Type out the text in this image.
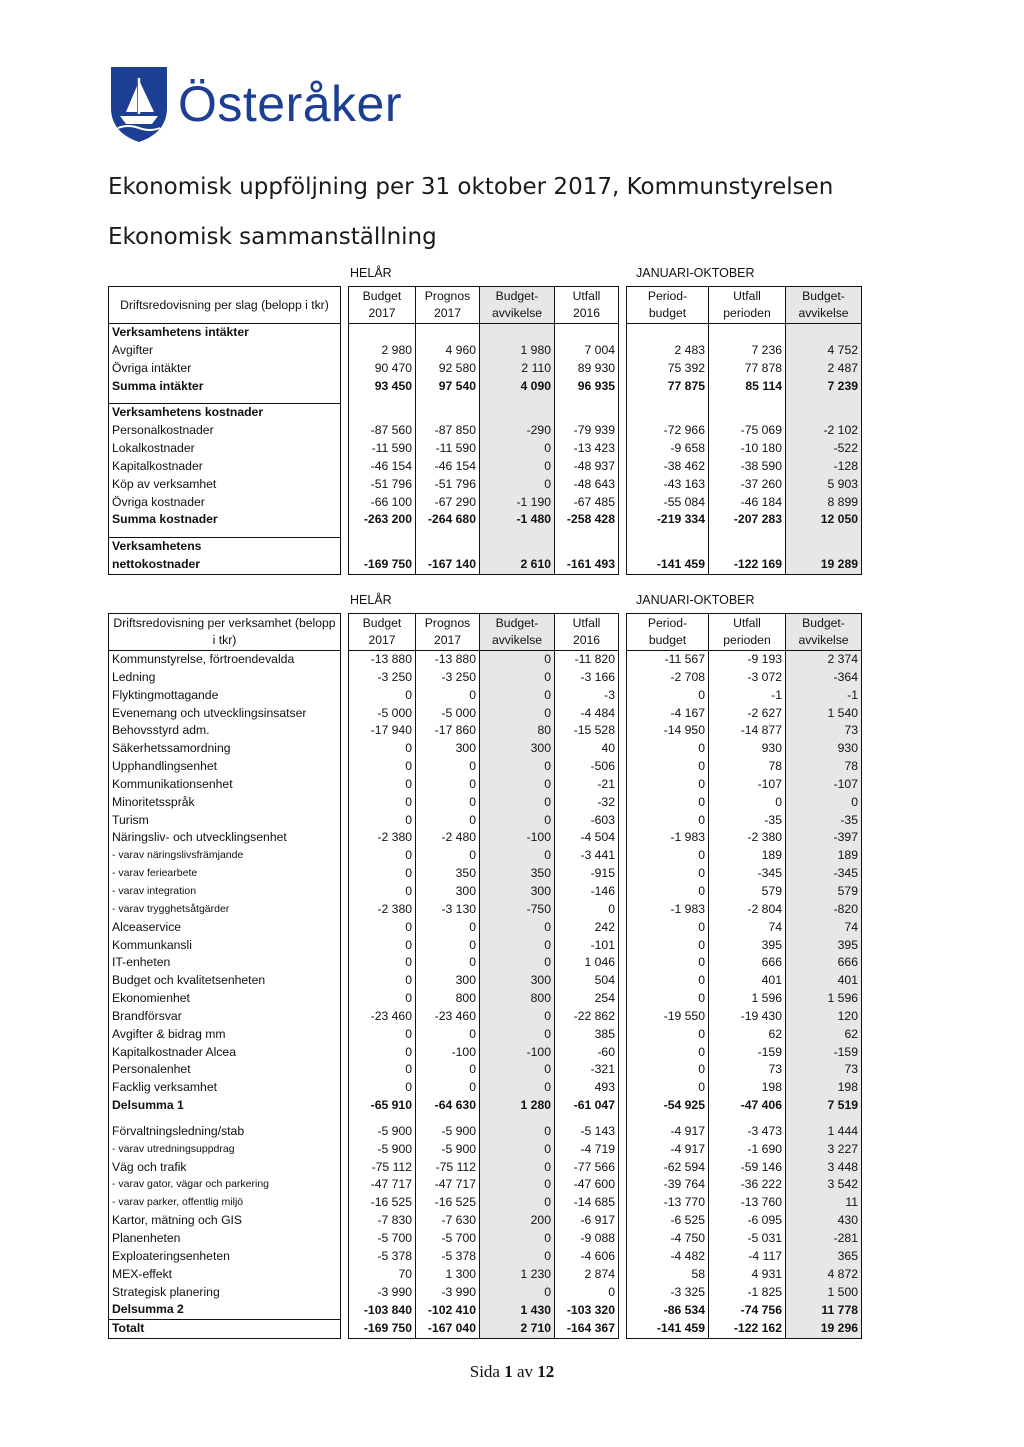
Österåker
Ekonomisk uppföljning per 31 oktober 2017, Kommunstyrelsen
Ekonomisk sammanställning
HELÅR	JANUARI-OKTOBER
Driftsredovisning per slag (belopp i tkr)		Budget 2017	Prognos 2017	Budget-avvikelse	Utfall 2016		Period-budget	Utfall perioden	Budget-avvikelse
Verksamhetens intäkter									
Avgifter		2 980	4 960	1 980	7 004		2 483	7 236	4 752
Övriga intäkter		90 470	92 580	2 110	89 930		75 392	77 878	2 487
Summa intäkter		93 450	97 540	4 090	96 935		77 875	85 114	7 239

Verksamhetens kostnader									
Personalkostnader		-87 560	-87 850	-290	-79 939		-72 966	-75 069	-2 102
Lokalkostnader		-11 590	-11 590	0	-13 423		-9 658	-10 180	-522
Kapitalkostnader		-46 154	-46 154	0	-48 937		-38 462	-38 590	-128
Köp av verksamhet		-51 796	-51 796	0	-48 643		-43 163	-37 260	5 903
Övriga kostnader		-66 100	-67 290	-1 190	-67 485		-55 084	-46 184	8 899
Summa kostnader		-263 200	-264 680	-1 480	-258 428		-219 334	-207 283	12 050

Verksamhetens									
nettokostnader		-169 750	-167 140	2 610	-161 493		-141 459	-122 169	19 289
HELÅR	JANUARI-OKTOBER
Driftsredovisning per verksamhet (belopp i tkr)		Budget 2017	Prognos 2017	Budget-avvikelse	Utfall 2016		Period-budget	Utfall perioden	Budget-avvikelse
Kommunstyrelse, förtroendevalda		-13 880	-13 880	0	-11 820		-11 567	-9 193	2 374
Ledning		-3 250	-3 250	0	-3 166		-2 708	-3 072	-364
Flyktingmottagande		0	0	0	-3		0	-1	-1
Evenemang och utvecklingsinsatser		-5 000	-5 000	0	-4 484		-4 167	-2 627	1 540
Behovsstyrd adm.		-17 940	-17 860	80	-15 528		-14 950	-14 877	73
Säkerhetssamordning		0	300	300	40		0	930	930
Upphandlingsenhet		0	0	0	-506		0	78	78
Kommunikationsenhet		0	0	0	-21		0	-107	-107
Minoritetsspråk		0	0	0	-32		0	0	0
Turism		0	0	0	-603		0	-35	-35
Näringsliv- och utvecklingsenhet		-2 380	-2 480	-100	-4 504		-1 983	-2 380	-397
- varav näringslivsfrämjande		0	0	0	-3 441		0	189	189
- varav feriearbete		0	350	350	-915		0	-345	-345
- varav integration		0	300	300	-146		0	579	579
- varav trygghetsåtgärder		-2 380	-3 130	-750	0		-1 983	-2 804	-820
Alceaservice		0	0	0	242		0	74	74
Kommunkansli		0	0	0	-101		0	395	395
IT-enheten		0	0	0	1 046		0	666	666
Budget och kvalitetsenheten		0	300	300	504		0	401	401
Ekonomienhet		0	800	800	254		0	1 596	1 596
Brandförsvar		-23 460	-23 460	0	-22 862		-19 550	-19 430	120
Avgifter & bidrag mm		0	0	0	385		0	62	62
Kapitalkostnader Alcea		0	-100	-100	-60		0	-159	-159
Personalenhet		0	0	0	-321		0	73	73
Facklig verksamhet		0	0	0	493		0	198	198
Delsumma 1		-65 910	-64 630	1 280	-61 047		-54 925	-47 406	7 519

Förvaltningsledning/stab		-5 900	-5 900	0	-5 143		-4 917	-3 473	1 444
- varav utredningsuppdrag		-5 900	-5 900	0	-4 719		-4 917	-1 690	3 227
Väg och trafik		-75 112	-75 112	0	-77 566		-62 594	-59 146	3 448
- varav gator, vägar och parkering		-47 717	-47 717	0	-47 600		-39 764	-36 222	3 542
- varav parker, offentlig miljö		-16 525	-16 525	0	-14 685		-13 770	-13 760	11
Kartor, mätning och GIS		-7 830	-7 630	200	-6 917		-6 525	-6 095	430
Planenheten		-5 700	-5 700	0	-9 088		-4 750	-5 031	-281
Exploateringsenheten		-5 378	-5 378	0	-4 606		-4 482	-4 117	365
MEX-effekt		70	1 300	1 230	2 874		58	4 931	4 872
Strategisk planering		-3 990	-3 990	0	0		-3 325	-1 825	1 500
Delsumma 2		-103 840	-102 410	1 430	-103 320		-86 534	-74 756	11 778
Totalt		-169 750	-167 040	2 710	-164 367		-141 459	-122 162	19 296
Sida 1 av 12
